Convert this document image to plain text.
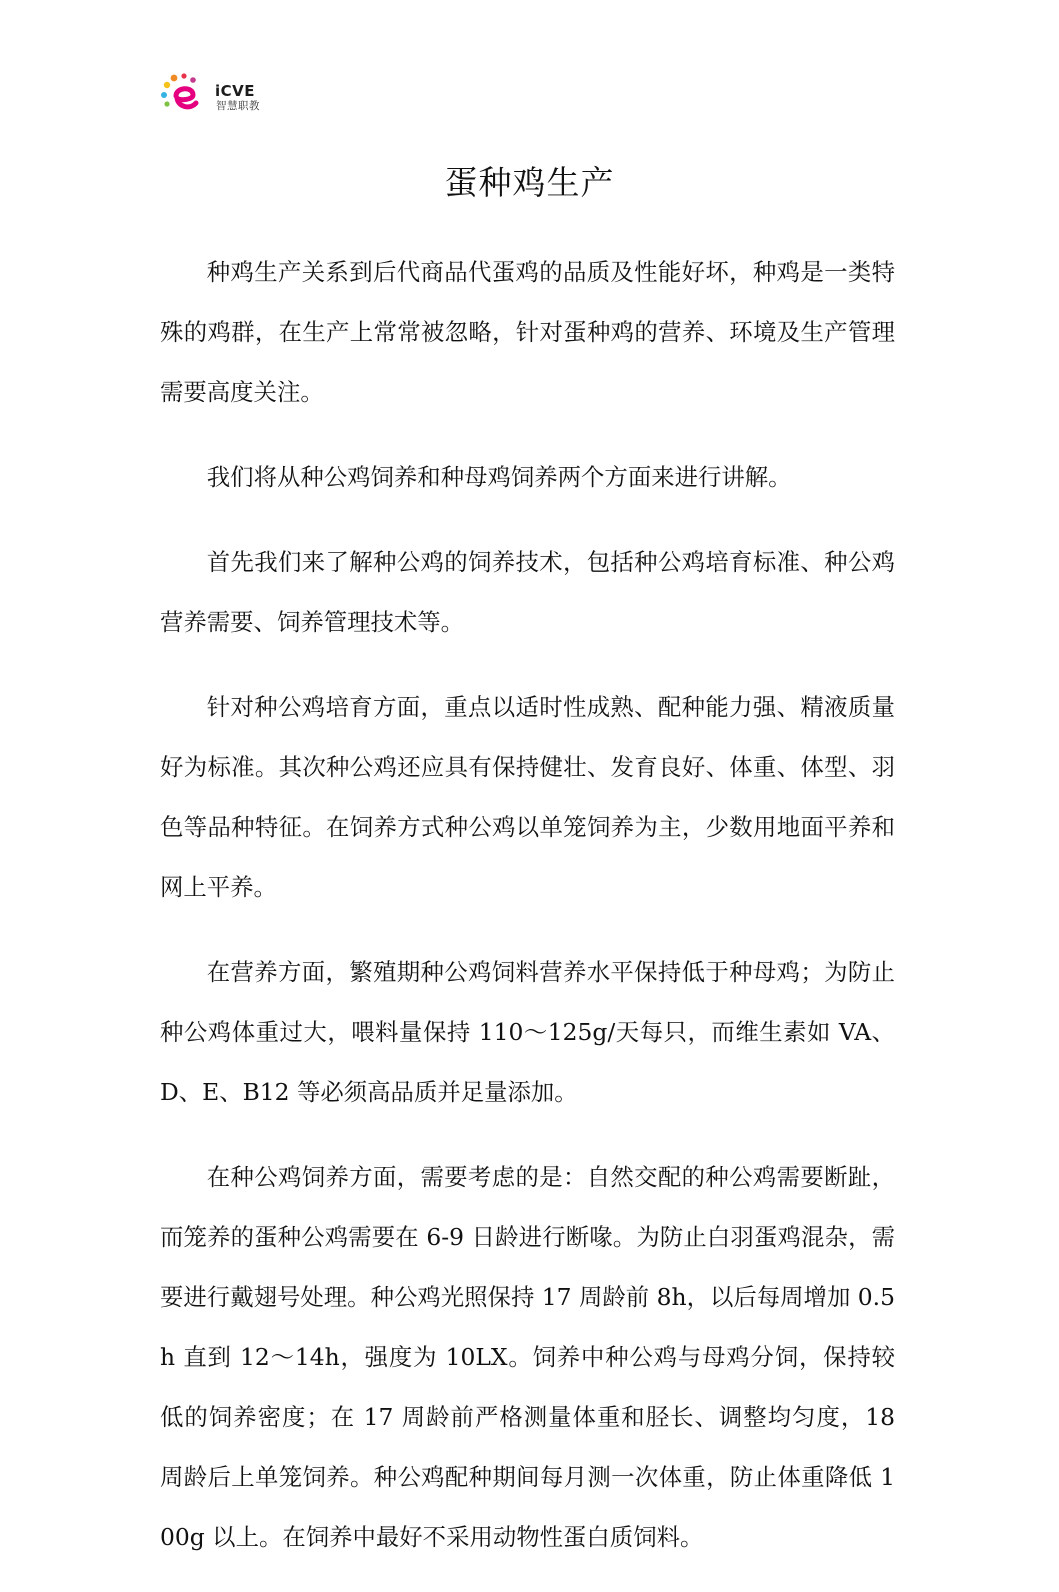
iCVE
智慧职教
蛋种鸡生产

种鸡生产关系到后代商品代蛋鸡的品质及性能好坏，种鸡是一类特殊的鸡群，在生产上常常被忽略，针对蛋种鸡的营养、环境及生产管理需要高度关注。

我们将从种公鸡饲养和种母鸡饲养两个方面来进行讲解。

首先我们来了解种公鸡的饲养技术，包括种公鸡培育标准、种公鸡营养需要、饲养管理技术等。

针对种公鸡培育方面，重点以适时性成熟、配种能力强、精液质量好为标准。其次种公鸡还应具有保持健壮、发育良好、体重、体型、羽色等品种特征。在饲养方式种公鸡以单笼饲养为主，少数用地面平养和网上平养。

在营养方面，繁殖期种公鸡饲料营养水平保持低于种母鸡；为防止种公鸡体重过大，喂料量保持 110～125g/天每只，而维生素如 VA、D、E、B12 等必须高品质并足量添加。

在种公鸡饲养方面，需要考虑的是：自然交配的种公鸡需要断趾，而笼养的蛋种公鸡需要在 6-9 日龄进行断喙。为防止白羽蛋鸡混杂，需要进行戴翅号处理。种公鸡光照保持 17 周龄前 8h，以后每周增加 0.5h 直到 12～14h，强度为 10LX。饲养中种公鸡与母鸡分饲，保持较低的饲养密度；在 17 周龄前严格测量体重和胫长、调整均匀度，18 周龄后上单笼饲养。种公鸡配种期间每月测一次体重，防止体重降低 100g 以上。在饲养中最好不采用动物性蛋白质饲料。
